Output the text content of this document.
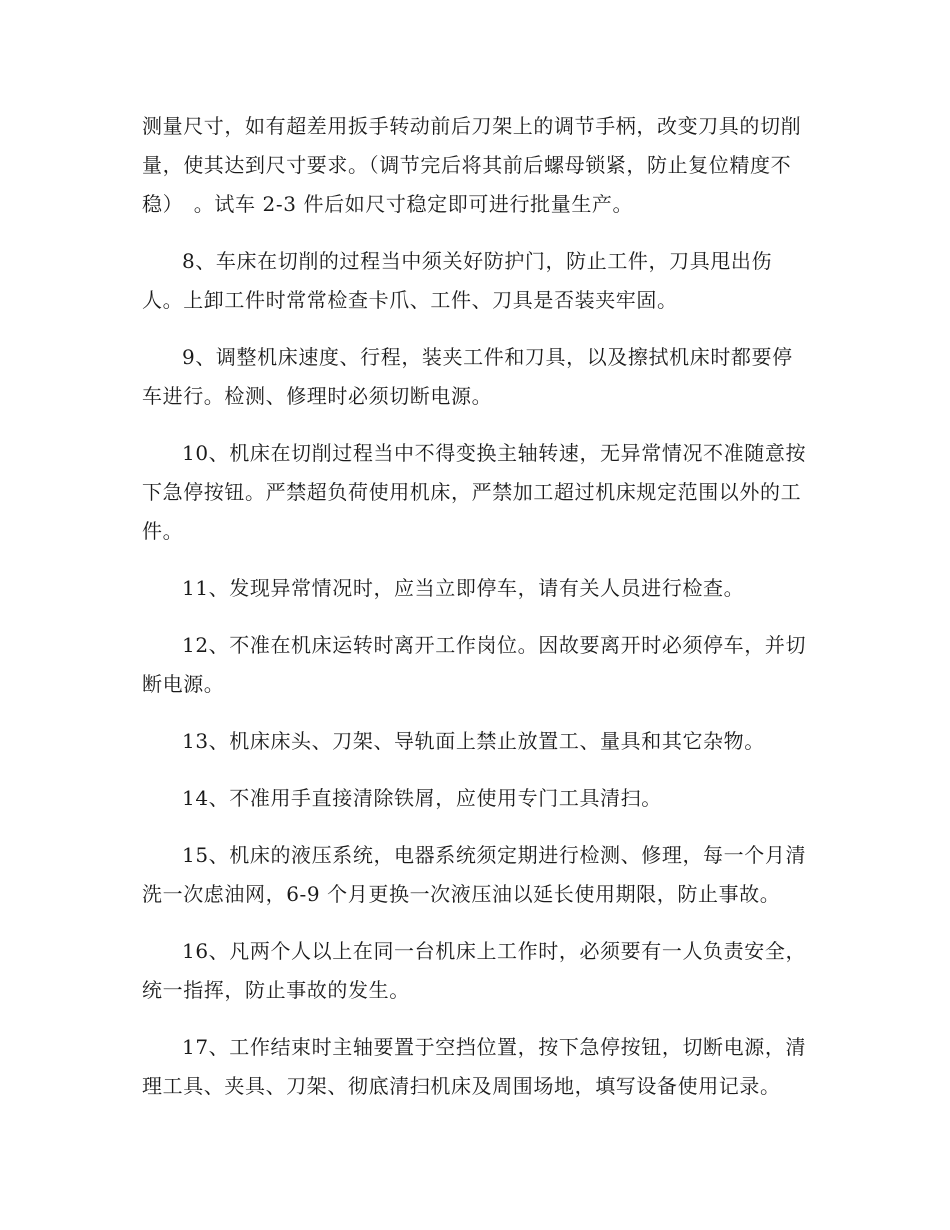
测量尺寸，如有超差用扳手转动前后刀架上的调节手柄，改变刀具的切削量，使其达到尺寸要求。（调节完后将其前后螺母锁紧，防止复位精度不稳）　。试车 2-3 件后如尺寸稳定即可进行批量生产。

8、车床在切削的过程当中须关好防护门，防止工件，刀具甩出伤人。上卸工件时常常检查卡爪、工件、刀具是否装夹牢固。

9、调整机床速度、行程，装夹工件和刀具，以及擦拭机床时都要停车进行。检测、修理时必须切断电源。

10、机床在切削过程当中不得变换主轴转速，无异常情况不准随意按下急停按钮。严禁超负荷使用机床，严禁加工超过机床规定范围以外的工件。

11、发现异常情况时，应当立即停车，请有关人员进行检查。

12、不准在机床运转时离开工作岗位。因故要离开时必须停车，并切断电源。

13、机床床头、刀架、导轨面上禁止放置工、量具和其它杂物。

14、不准用手直接清除铁屑，应使用专门工具清扫。

15、机床的液压系统，电器系统须定期进行检测、修理，每一个月清洗一次虑油网，6-9 个月更换一次液压油以延长使用期限，防止事故。

16、凡两个人以上在同一台机床上工作时，必须要有一人负责安全，统一指挥，防止事故的发生。

17、工作结束时主轴要置于空挡位置，按下急停按钮，切断电源，清理工具、夹具、刀架、彻底清扫机床及周围场地，填写设备使用记录。
